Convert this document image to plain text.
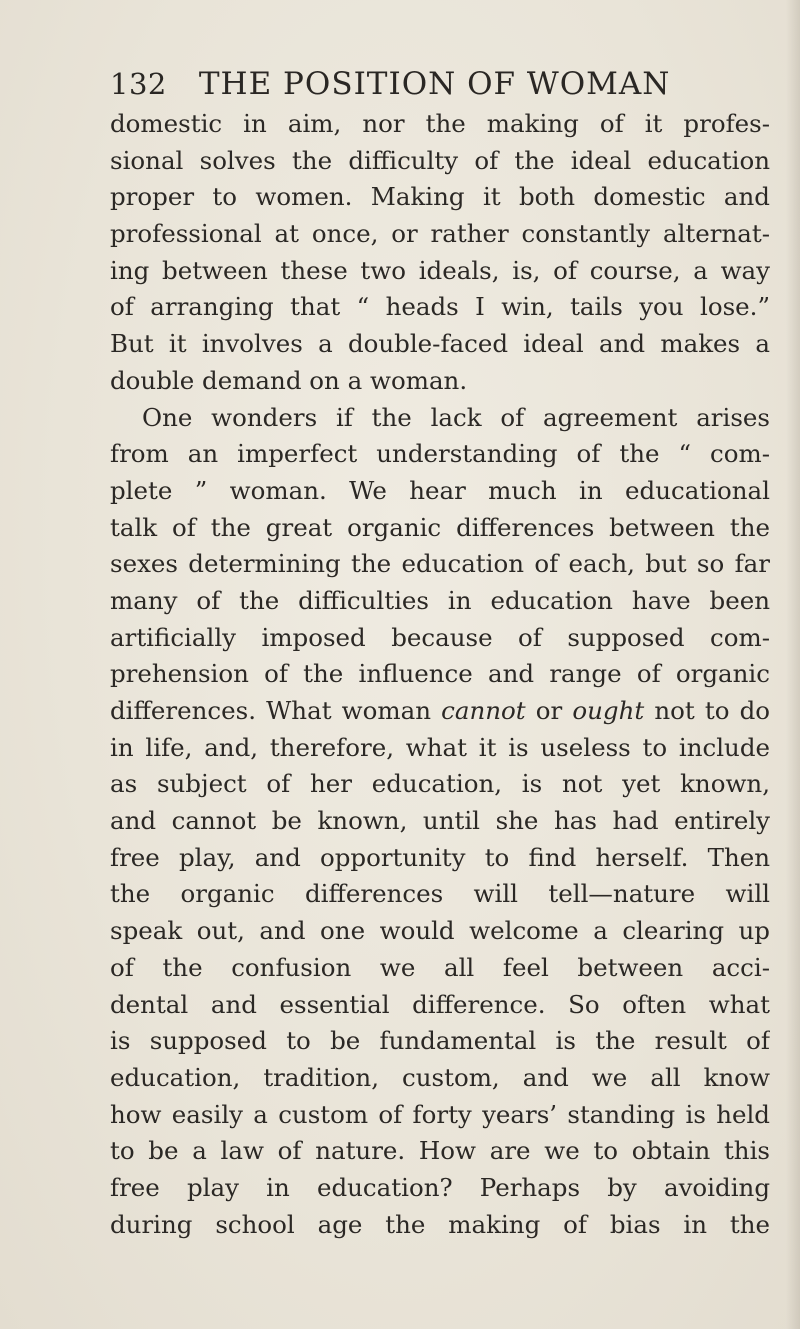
132 THE POSITION OF WOMAN
domestic in aim, nor the making of it profes-
sional solves the difficulty of the ideal education
proper to women. Making it both domestic and
professional at once, or rather constantly alternat-
ing between these two ideals, is, of course, a way
of arranging that “ heads I win, tails you lose.”
But it involves a double-faced ideal and makes a
double demand on a woman.
One wonders if the lack of agreement arises
from an imperfect understanding of the “ com-
plete ” woman. We hear much in educational
talk of the great organic differences between the
sexes determining the education of each, but so far
many of the difficulties in education have been
artificially imposed because of supposed com-
prehension of the influence and range of organic
differences. What woman cannot or ought not to do
in life, and, therefore, what it is useless to include
as subject of her education, is not yet known,
and cannot be known, until she has had entirely
free play, and opportunity to find herself. Then
the organic differences will tell—nature will
speak out, and one would welcome a clearing up
of the confusion we all feel between acci-
dental and essential difference. So often what
is supposed to be fundamental is the result of
education, tradition, custom, and we all know
how easily a custom of forty years’ standing is held
to be a law of nature. How are we to obtain this
free play in education? Perhaps by avoiding
during school age the making of bias in the
